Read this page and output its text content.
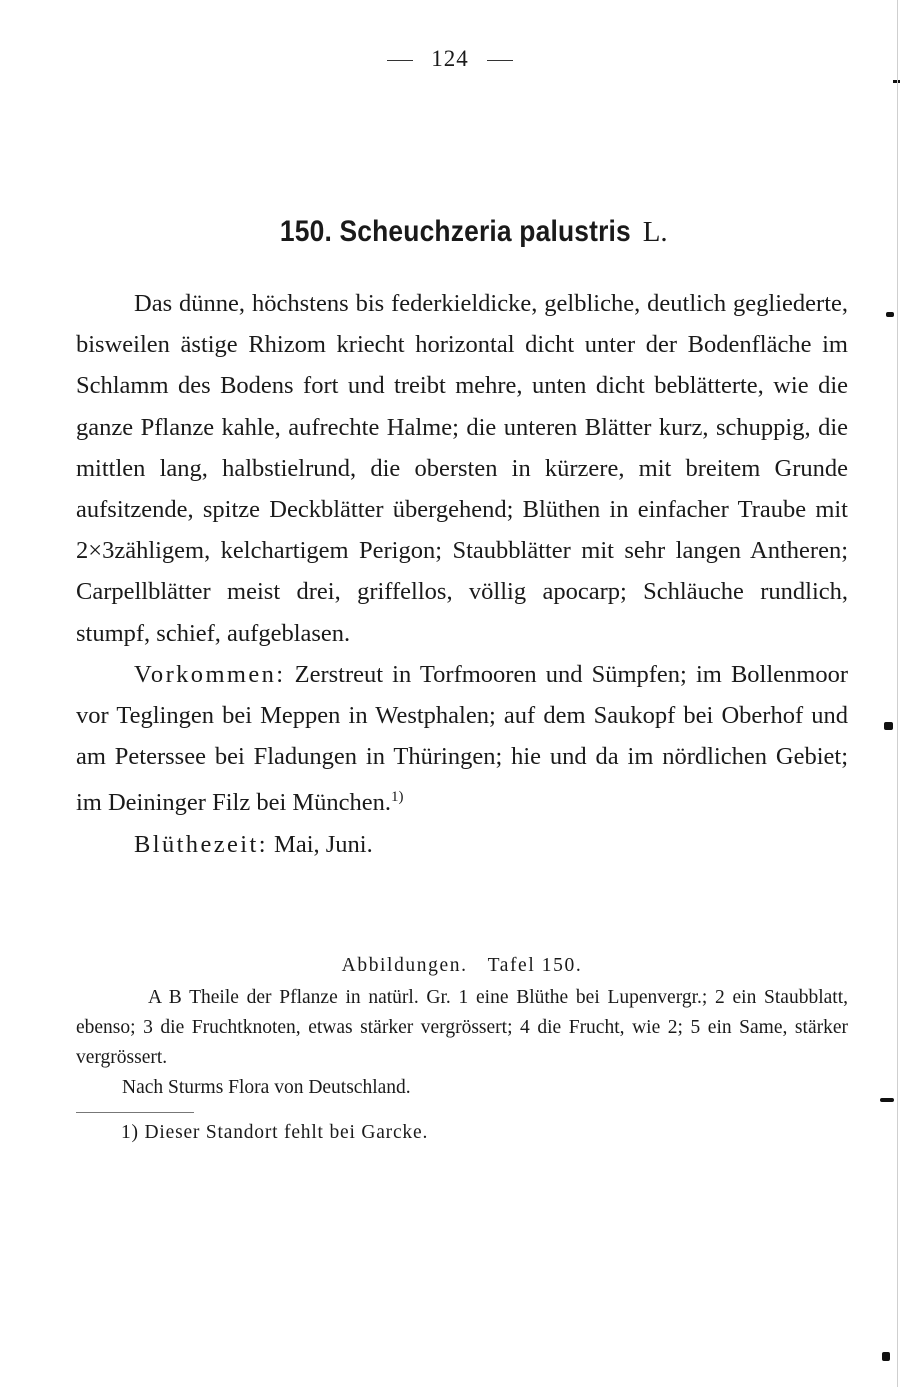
124
150. Scheuchzeria palustris L.

Das dünne, höchstens bis federkieldicke, gelbliche, deutlich gegliederte, bisweilen ästige Rhizom kriecht horizontal dicht unter der Bodenfläche im Schlamm des Bodens fort und treibt mehre, unten dicht beblätterte, wie die ganze Pflanze kahle, aufrechte Halme; die unteren Blätter kurz, schuppig, die mittlen lang, halbstielrund, die obersten in kürzere, mit breitem Grunde aufsitzende, spitze Deckblätter übergehend; Blüthen in einfacher Traube mit 2×3zähligem, kelchartigem Perigon; Staubblätter mit sehr langen Antheren; Carpellblätter meist drei, griffellos, völlig apocarp; Schläuche rundlich, stumpf, schief, aufgeblasen.

Vorkommen: Zerstreut in Torfmooren und Sümpfen; im Bollenmoor vor Teglingen bei Meppen in Westphalen; auf dem Saukopf bei Oberhof und am Peterssee bei Fladungen in Thüringen; hie und da im nördlichen Gebiet; im Deininger Filz bei München.$^{1)}$

Blüthezeit: Mai, Juni.

Abbildungen. Tafel 150.

A B Theile der Pflanze in natürl. Gr. 1 eine Blüthe bei Lupenvergr.; 2 ein Staubblatt, ebenso; 3 die Fruchtknoten, etwas stärker vergrössert; 4 die Frucht, wie 2; 5 ein Same, stärker vergrössert.

Nach Sturms Flora von Deutschland.

1) Dieser Standort fehlt bei Garcke.
